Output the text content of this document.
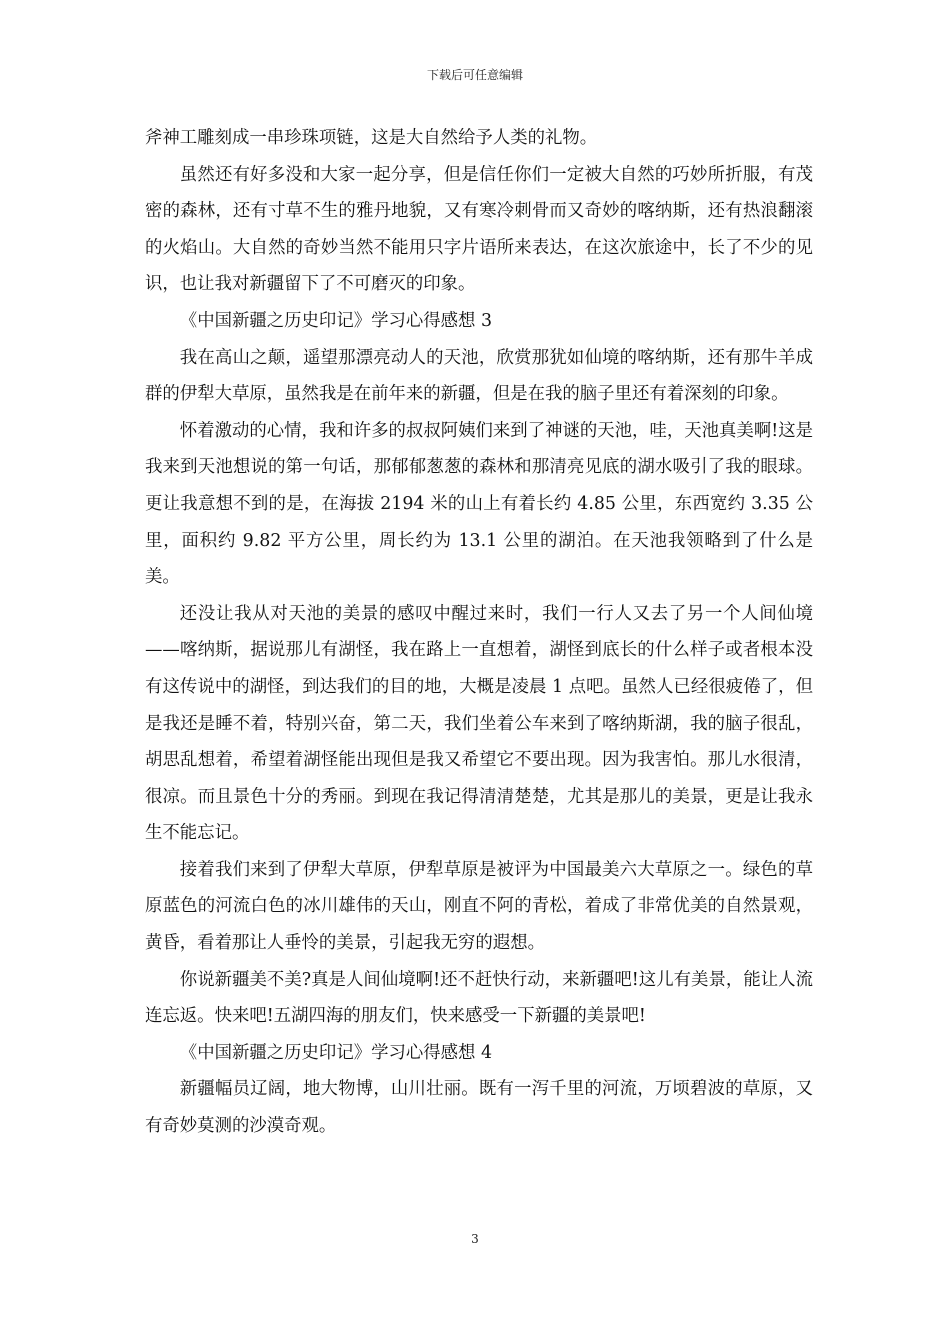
下载后可任意编辑

斧神工雕刻成一串珍珠项链，这是大自然给予人类的礼物。

虽然还有好多没和大家一起分享，但是信任你们一定被大自然的巧妙所折服，有茂密的森林，还有寸草不生的雅丹地貌，又有寒冷刺骨而又奇妙的喀纳斯，还有热浪翻滚的火焰山。大自然的奇妙当然不能用只字片语所来表达，在这次旅途中，长了不少的见识，也让我对新疆留下了不可磨灭的印象。

《中国新疆之历史印记》学习心得感想 3

我在高山之颠，遥望那漂亮动人的天池，欣赏那犹如仙境的喀纳斯，还有那牛羊成群的伊犁大草原，虽然我是在前年来的新疆，但是在我的脑子里还有着深刻的印象。

怀着激动的心情，我和许多的叔叔阿姨们来到了神谜的天池，哇，天池真美啊!这是我来到天池想说的第一句话，那郁郁葱葱的森林和那清亮见底的湖水吸引了我的眼球。更让我意想不到的是，在海拔 2194 米的山上有着长约 4.85 公里，东西宽约 3.35 公里，面积约 9.82 平方公里，周长约为 13.1 公里的湖泊。在天池我领略到了什么是美。

还没让我从对天池的美景的感叹中醒过来时，我们一行人又去了另一个人间仙境——喀纳斯，据说那儿有湖怪，我在路上一直想着，湖怪到底长的什么样子或者根本没有这传说中的湖怪，到达我们的目的地，大概是凌晨 1 点吧。虽然人已经很疲倦了，但是我还是睡不着，特别兴奋，第二天，我们坐着公车来到了喀纳斯湖，我的脑子很乱，胡思乱想着，希望着湖怪能出现但是我又希望它不要出现。因为我害怕。那儿水很清，很凉。而且景色十分的秀丽。到现在我记得清清楚楚，尤其是那儿的美景，更是让我永生不能忘记。

接着我们来到了伊犁大草原，伊犁草原是被评为中国最美六大草原之一。绿色的草原蓝色的河流白色的冰川雄伟的天山，刚直不阿的青松，着成了非常优美的自然景观，黄昏，看着那让人垂怜的美景，引起我无穷的遐想。

你说新疆美不美?真是人间仙境啊!还不赶快行动，来新疆吧!这儿有美景，能让人流连忘返。快来吧!五湖四海的朋友们，快来感受一下新疆的美景吧!

《中国新疆之历史印记》学习心得感想 4

新疆幅员辽阔，地大物博，山川壮丽。既有一泻千里的河流，万顷碧波的草原，又有奇妙莫测的沙漠奇观。

3
